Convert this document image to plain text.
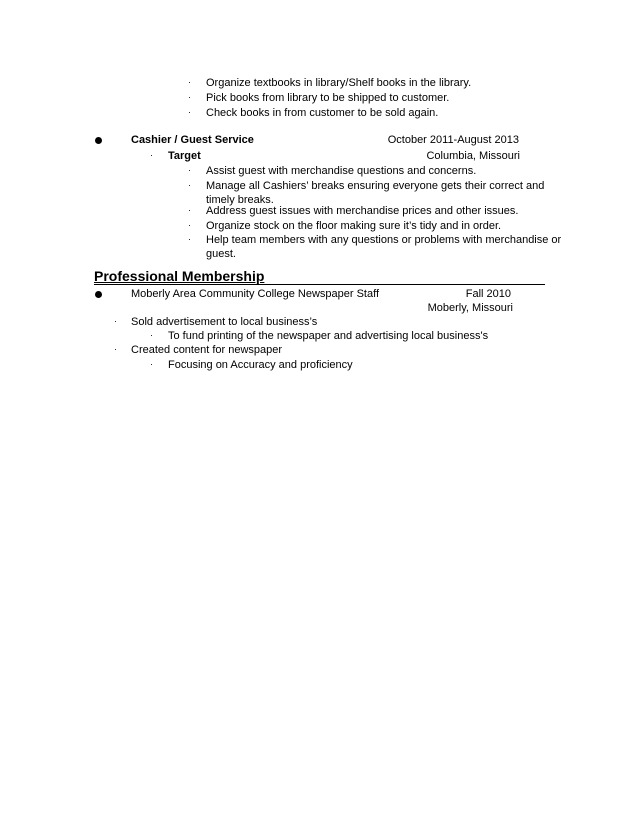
· Organize textbooks in library/Shelf books in the library.
· Pick books from library to be shipped to customer.
· Check books in from customer to be sold again.
Cashier / Guest Service	October 2011-August 2013
· Target	Columbia, Missouri
· Assist guest with merchandise questions and concerns.
· Manage all Cashiers’ breaks ensuring everyone gets their correct and
timely breaks.
· Address guest issues with merchandise prices and other issues.
· Organize stock on the floor making sure it’s tidy and in order.
· Help team members with any questions or problems with merchandise or
guest.
Professional Membership
Moberly Area Community College Newspaper Staff	Fall 2010
Moberly, Missouri
· Sold advertisement to local business’s
· To fund printing of the newspaper and advertising local business's
· Created content for newspaper
· Focusing on Accuracy and proficiency
